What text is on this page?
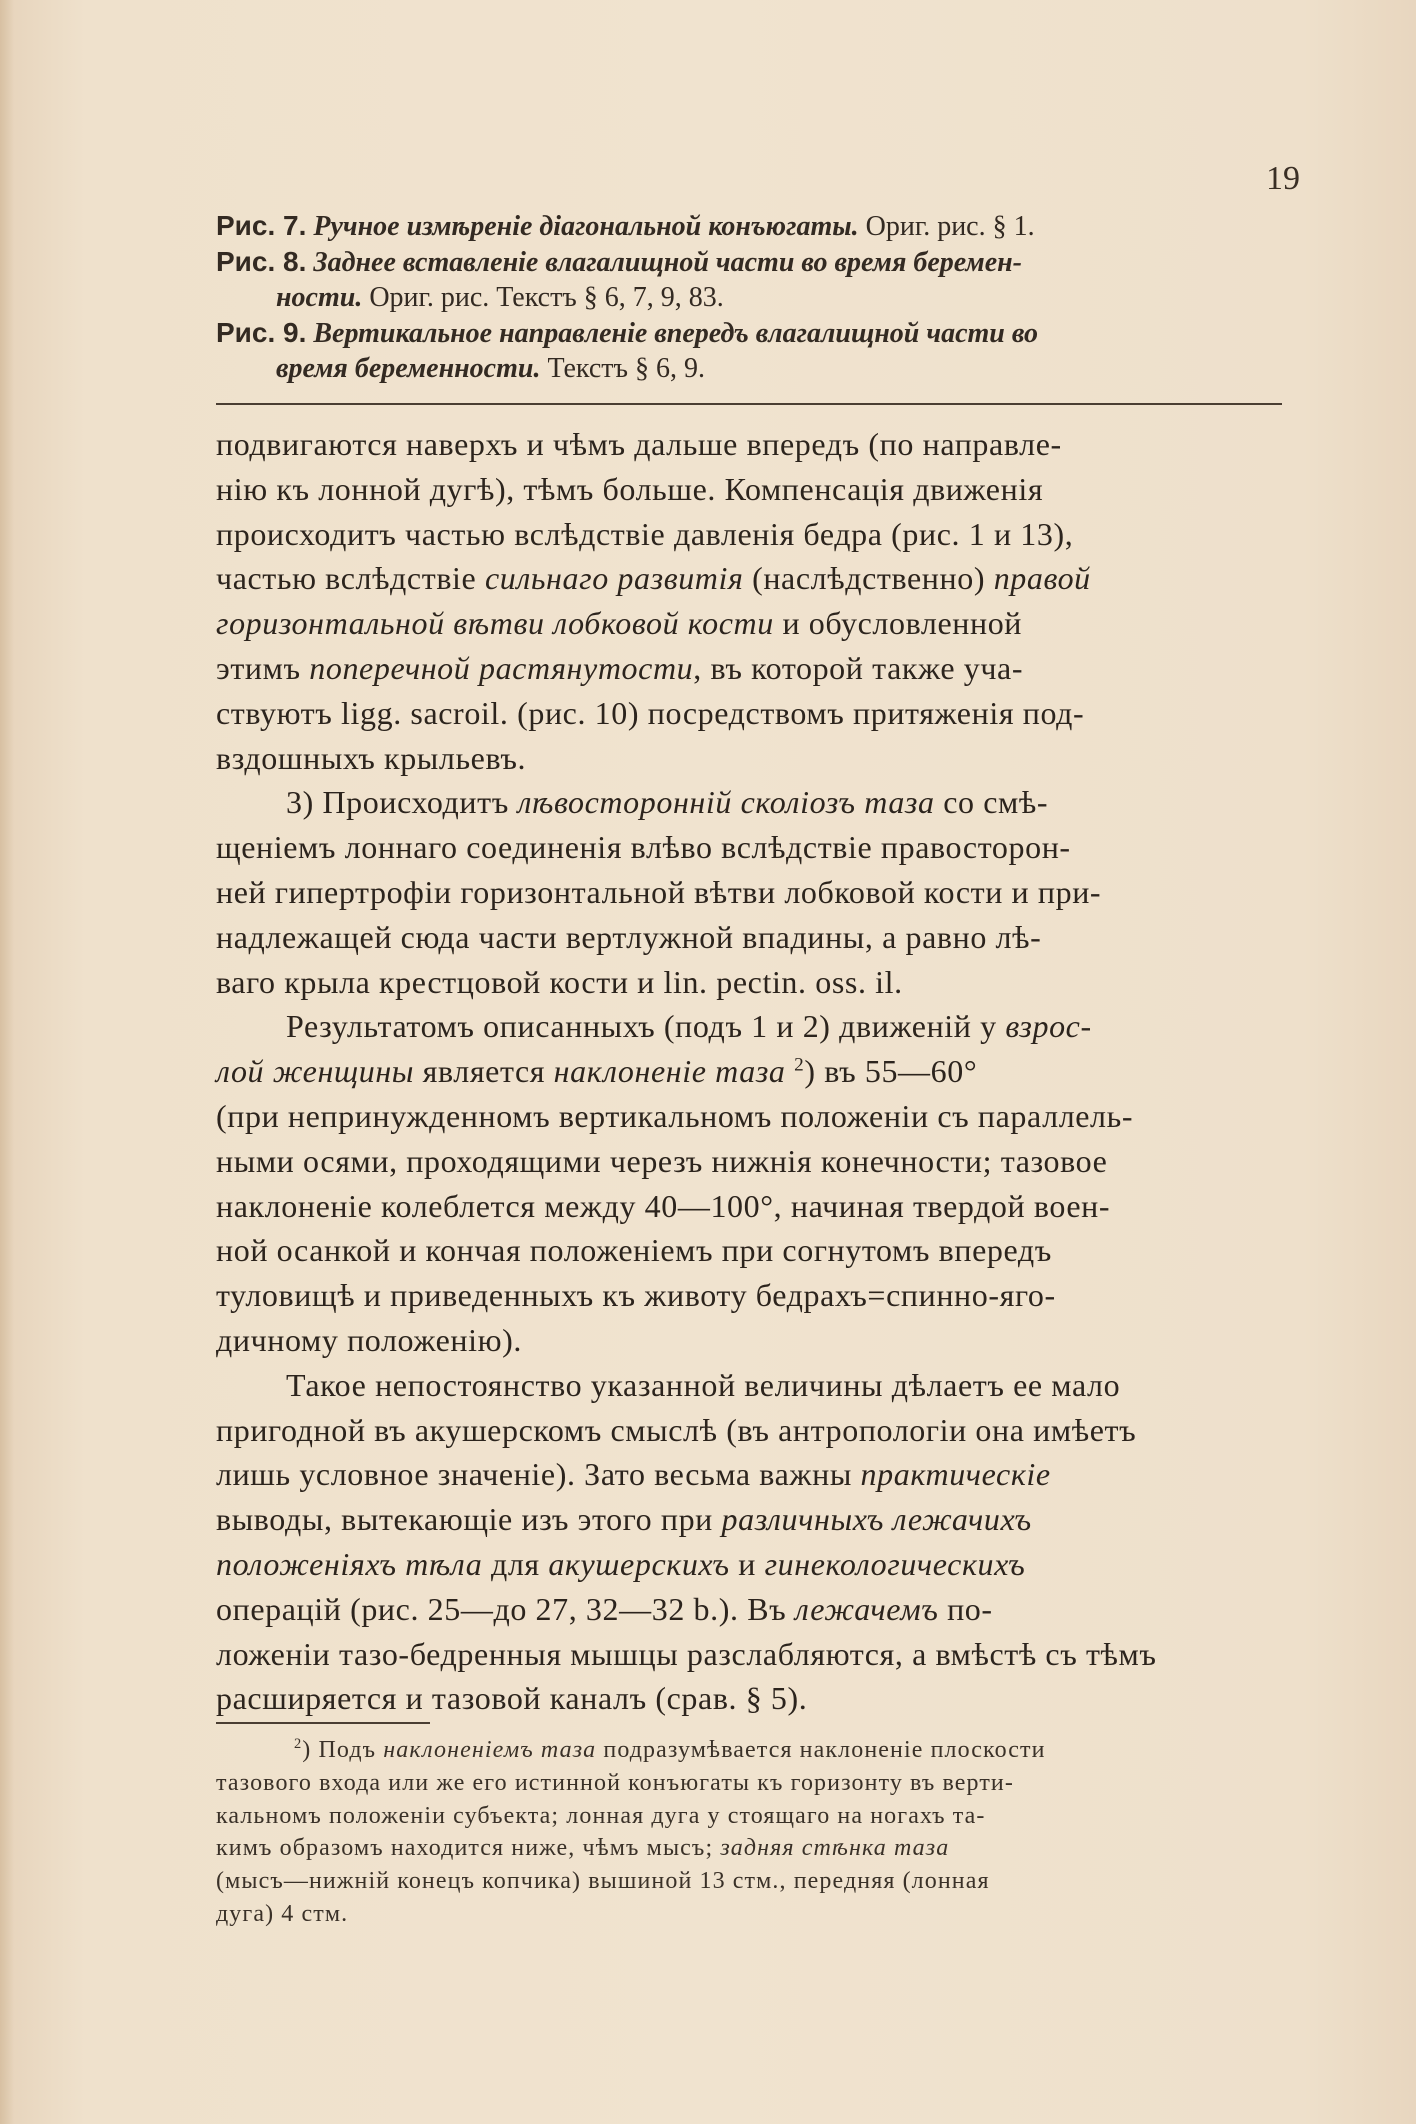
19

Рис. 7. Ручное измѣренiе дiагональной конъюгаты. Ориг. рис. § 1.

Рис. 8. Заднее вставленiе влагалищной части во время беремен-
ности. Ориг. рис. Текстъ § 6, 7, 9, 83.

Рис. 9. Вертикальное направленiе впередъ влагалищной части во
время беременности. Текстъ § 6, 9.

подвигаются наверхъ и чѣмъ дальше впередъ (по направле-
нiю къ лонной дугѣ), тѣмъ больше. Компенсацiя движенiя
происходитъ частью вслѣдствiе давленiя бедра (рис. 1 и 13),
частью вслѣдствiе сильнаго развитiя (наслѣдственно) правой
горизонтальной вѣтви лобковой кости и обусловленной
этимъ поперечной растянутости, въ которой также уча-
ствуютъ ligg. sacroil. (рис. 10) посредствомъ притяженiя под-
вздошныхъ крыльевъ.

3) Происходитъ лѣвостороннiй сколiозъ таза со смѣ-
щенiемъ лоннаго соединенiя влѣво вслѣдствiе правосторон-
ней гипертрофiи горизонтальной вѣтви лобковой кости и при-
надлежащей сюда части вертлужной впадины, а равно лѣ-
ваго крыла крестцовой кости и lin. pectin. oss. il.

Результатомъ описанныхъ (подъ 1 и 2) движенiй у взрос-
лой женщины является наклоненiе таза $^2$) въ 55—60°
(при непринужденномъ вертикальномъ положенiи съ параллель-
ными осями, проходящими черезъ нижнiя конечности; тазовое
наклоненiе колеблется между 40—100°, начиная твердой воен-
ной осанкой и кончая положенiемъ при согнутомъ впередъ
туловищѣ и приведенныхъ къ животу бедрахъ=спинно-яго-
дичному положенiю).

Такое непостоянство указанной величины дѣлаетъ ее мало
пригодной въ акушерскомъ смыслѣ (въ антропологiи она имѣетъ
лишь условное значенiе). Зато весьма важны практическiе
выводы, вытекающiе изъ этого при различныхъ лежачихъ
положенiяхъ тѣла для акушерскихъ и гинекологическихъ
операцiй (рис. 25—до 27, 32—32 b.). Въ лежачемъ по-
ложенiи тазо-бедренныя мышцы разслабляются, а вмѣстѣ съ тѣмъ
расширяется и тазовой каналъ (срав. § 5).

$^2$) Подъ наклоненiемъ таза подразумѣвается наклоненiе плоскости
тазового входа или же его истинной конъюгаты къ горизонту въ верти-
кальномъ положенiи субъекта; лонная дуга у стоящаго на ногахъ та-
кимъ образомъ находится ниже, чѣмъ мысъ; задняя стѣнка таза
(мысъ—нижнiй конецъ копчика) вышиной 13 стм., передняя (лонная
дуга) 4 стм.
